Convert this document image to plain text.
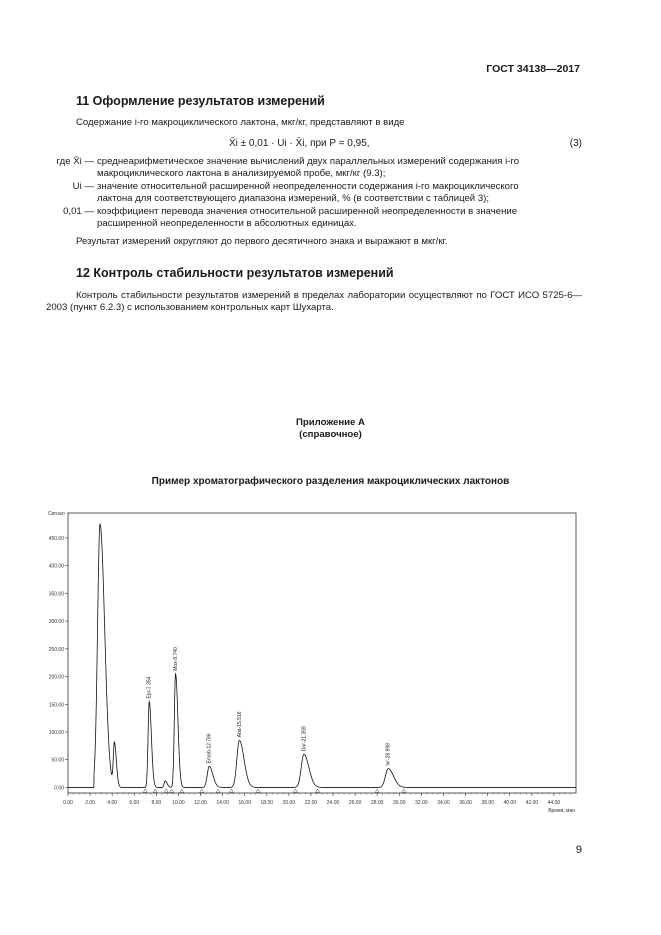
ГОСТ 34138—2017
11 Оформление результатов измерений
Содержание i-го макроциклического лактона, мкг/кг, представляют в виде
X̄i ± 0,01 · Ui · X̄i, при P = 0,95,	(3)
где X̄i — среднеарифметическое значение вычислений двух параллельных измерений содержания i-го
макроциклического лактона в анализируемой пробе, мкг/кг (9.3);
Ui — значение относительной расширенной неопределенности содержания i-го макроциклического
лактона для соответствующего диапазона измерений, % (в соответствии с таблицей 3);
0,01 — коэффициент перевода значения относительной расширенной неопределенности в значение
расширенной неопределенности в абсолютных единицах.
Результат измерений округляют до первого десятичного знака и выражают в мкг/кг.
12 Контроль стабильности результатов измерений
Контроль стабильности результатов измерений в пределах лаборатории осуществляют по ГОСТ ИСО 5725-6—2003 (пункт 6.2.3) с использованием контрольных карт Шухарта.
Приложение А
(справочное)
Пример хроматографического разделения макроциклических лактонов
0.00
50.00
100.00
150.00
200.00
250.00
300.00
350.00
400.00
450.00
0.00 2.00 4.00 6.00 8.00 10.00 12.00 14.00 16.00 18.00 20.00 22.00 24.00 26.00 28.00 30.00 32.00 34.00 36.00 38.00 40.00 42.00 44.00
Сигнал
Время, мин
Epr-7.354
Mox-9.740
Emab-12.786
Aba-15.516
Dor-21.359
Ivr-28.998
9
